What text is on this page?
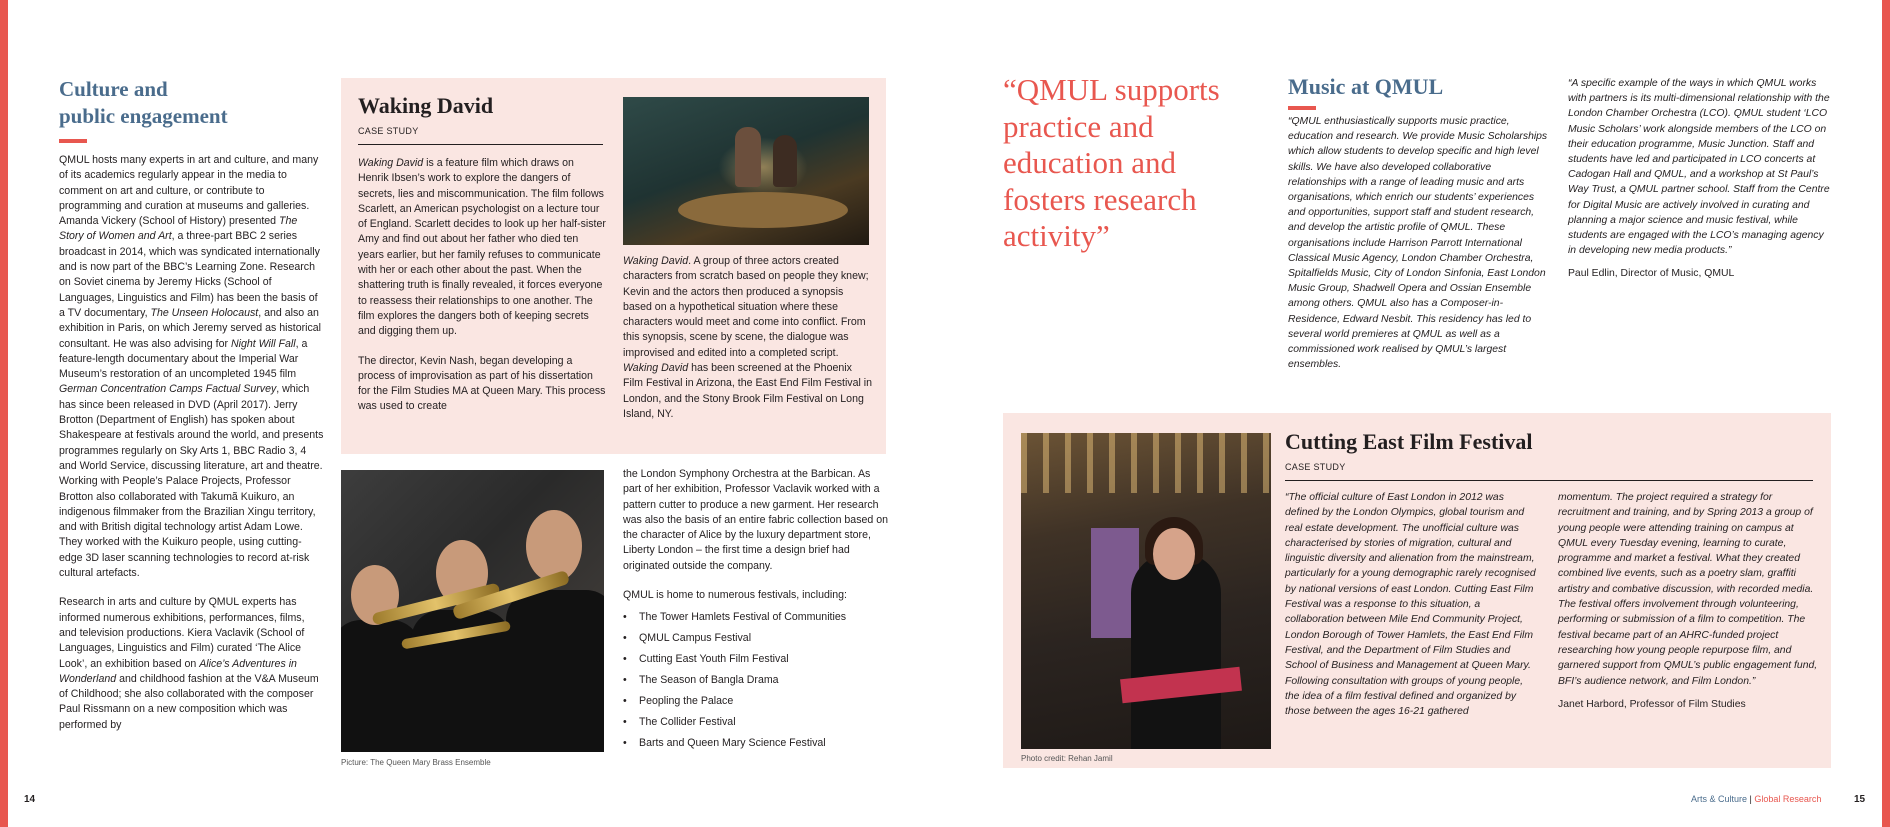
Culture and
public engagement

QMUL hosts many experts in art and culture, and many of its academics regularly appear in the media to comment on art and culture, or contribute to programming and curation at museums and galleries. Amanda Vickery (School of History) presented The Story of Women and Art, a three-part BBC 2 series broadcast in 2014, which was syndicated internationally and is now part of the BBC’s Learning Zone. Research on Soviet cinema by Jeremy Hicks (School of Languages, Linguistics and Film) has been the basis of a TV documentary, The Unseen Holocaust, and also an exhibition in Paris, on which Jeremy served as historical consultant. He was also advising for Night Will Fall, a feature-length documentary about the Imperial War Museum’s restoration of an uncompleted 1945 film German Concentration Camps Factual Survey, which has since been released in DVD (April 2017). Jerry Brotton (Department of English) has spoken about Shakespeare at festivals around the world, and presents programmes regularly on Sky Arts 1, BBC Radio 3, 4 and World Service, discussing literature, art and theatre. Working with People’s Palace Projects, Professor Brotton also collaborated with Takumã Kuikuro, an indigenous filmmaker from the Brazilian Xingu territory, and with British digital technology artist Adam Lowe. They worked with the Kuikuro people, using cutting-edge 3D laser scanning technologies to record at-risk cultural artefacts.

Research in arts and culture by QMUL experts has informed numerous exhibitions, performances, films, and television productions. Kiera Vaclavik (School of Languages, Linguistics and Film) curated ‘The Alice Look’, an exhibition based on Alice’s Adventures in Wonderland and childhood fashion at the V&A Museum of Childhood; she also collaborated with the composer Paul Rissmann on a new composition which was performed by

Waking David
CASE STUDY

Waking David is a feature film which draws on Henrik Ibsen’s work to explore the dangers of secrets, lies and miscommunication. The film follows Scarlett, an American psychologist on a lecture tour of England. Scarlett decides to look up her half-sister Amy and find out about her father who died ten years earlier, but her family refuses to communicate with her or each other about the past. When the shattering truth is finally revealed, it forces everyone to reassess their relationships to one another. The film explores the dangers both of keeping secrets and digging them up.

The director, Kevin Nash, began developing a process of improvisation as part of his dissertation for the Film Studies MA at Queen Mary. This process was used to create

Waking David. A group of three actors created characters from scratch based on people they knew; Kevin and the actors then produced a synopsis based on a hypothetical situation where these characters would meet and come into conflict. From this synopsis, scene by scene, the dialogue was improvised and edited into a completed script. Waking David has been screened at the Phoenix Film Festival in Arizona, the East End Film Festival in London, and the Stony Brook Film Festival on Long Island, NY.

Picture: The Queen Mary Brass Ensemble

the London Symphony Orchestra at the Barbican. As part of her exhibition, Professor Vaclavik worked with a pattern cutter to produce a new garment. Her research was also the basis of an entire fabric collection based on the character of Alice by the luxury department store, Liberty London – the first time a design brief had originated outside the company.

QMUL is home to numerous festivals, including:

• The Tower Hamlets Festival of Communities
• QMUL Campus Festival
• Cutting East Youth Film Festival
• The Season of Bangla Drama
• Peopling the Palace
• The Collider Festival
• Barts and Queen Mary Science Festival
“QMUL supports practice and education and fosters research activity”
Music at QMUL

“QMUL enthusiastically supports music practice, education and research. We provide Music Scholarships which allow students to develop specific and high level skills. We have also developed collaborative relationships with a range of leading music and arts organisations, which enrich our students’ experiences and opportunities, support staff and student research, and develop the artistic profile of QMUL. These organisations include Harrison Parrott International Classical Music Agency, London Chamber Orchestra, Spitalfields Music, City of London Sinfonia, East London Music Group, Shadwell Opera and Ossian Ensemble among others. QMUL also has a Composer-in-Residence, Edward Nesbit. This residency has led to several world premieres at QMUL as well as a commissioned work realised by QMUL’s largest ensembles.

“A specific example of the ways in which QMUL works with partners is its multi-dimensional relationship with the London Chamber Orchestra (LCO). QMUL student ‘LCO Music Scholars’ work alongside members of the LCO on their education programme, Music Junction. Staff and students have led and participated in LCO concerts at Cadogan Hall and QMUL, and a workshop at St Paul’s Way Trust, a QMUL partner school. Staff from the Centre for Digital Music are actively involved in curating and planning a major science and music festival, while students are engaged with the LCO’s managing agency in developing new media products.”

Paul Edlin, Director of Music, QMUL

Photo credit: Rehan Jamil
Cutting East Film Festival
CASE STUDY

“The official culture of East London in 2012 was defined by the London Olympics, global tourism and real estate development. The unofficial culture was characterised by stories of migration, cultural and linguistic diversity and alienation from the mainstream, particularly for a young demographic rarely recognised by national versions of east London. Cutting East Film Festival was a response to this situation, a collaboration between Mile End Community Project, London Borough of Tower Hamlets, the East End Film Festival, and the Department of Film Studies and School of Business and Management at Queen Mary. Following consultation with groups of young people, the idea of a film festival defined and organized by those between the ages 16-21 gathered

momentum. The project required a strategy for recruitment and training, and by Spring 2013 a group of young people were attending training on campus at QMUL every Tuesday evening, learning to curate, programme and market a festival. What they created combined live events, such as a poetry slam, graffiti artistry and combative discussion, with recorded media. The festival offers involvement through volunteering, performing or submission of a film to competition. The festival became part of an AHRC-funded project researching how young people repurpose film, and garnered support from QMUL’s public engagement fund, BFI’s audience network, and Film London.”

Janet Harbord, Professor of Film Studies

14	Arts & Culture | Global Research	15
